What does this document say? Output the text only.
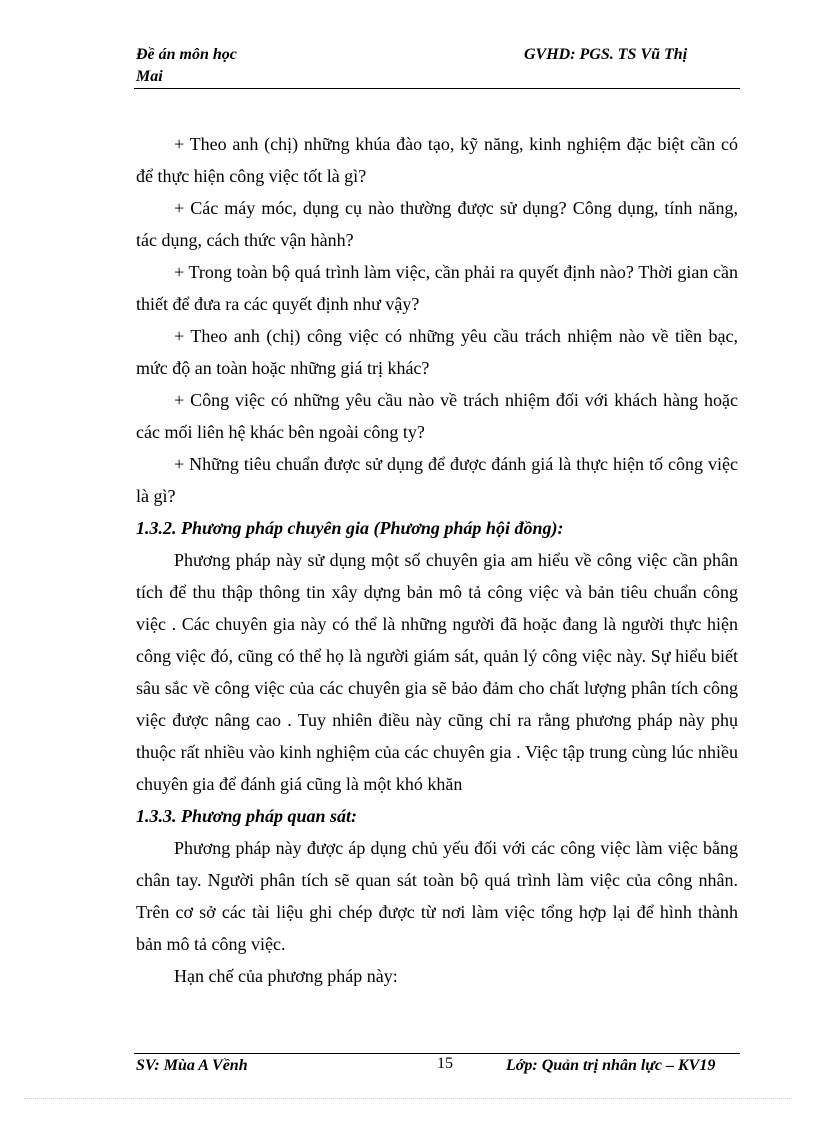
Đề án môn học	GVHD: PGS. TS Vũ Thị
Mai

+ Theo anh (chị) những khúa đào tạo, kỹ năng, kinh nghiệm đặc biệt cần có để thực hiện công việc tốt là gì?

+ Các máy móc, dụng cụ nào thường được sử dụng? Công dụng, tính năng, tác dụng, cách thức vận hành?

+ Trong toàn bộ quá trình làm việc, cần phải ra quyết định nào? Thời gian cần thiết để đưa ra các quyết định như vậy?

+ Theo anh (chị) công việc có những yêu cầu trách nhiệm nào về tiền bạc, mức độ an toàn hoặc những giá trị khác?

+ Công việc có những yêu cầu nào về trách nhiệm đối với khách hàng hoặc các mối liên hệ khác bên ngoài công ty?

+ Những tiêu chuẩn được sử dụng để được đánh giá là thực hiện tố công việc là gì?

1.3.2. Phương pháp chuyên gia (Phương pháp hội đồng):

Phương pháp này sử dụng một số chuyên gia am hiểu về công việc cần phân tích để thu thập thông tin xây dựng bản mô tả công việc và bản tiêu chuẩn công việc . Các chuyên gia này có thể là những người đã hoặc đang là người thực hiện công việc đó, cũng có thể họ là người giám sát, quản lý công việc này. Sự hiểu biết sâu sắc về công việc của các chuyên gia sẽ bảo đảm cho chất lượng phân tích công việc được nâng cao . Tuy nhiên điều này cũng chỉ ra rằng phương pháp này phụ thuộc rất nhiều vào kinh nghiệm của các chuyên gia . Việc tập trung cùng lúc nhiều chuyên gia để đánh giá cũng là một khó khăn

1.3.3. Phương pháp quan sát:

Phương pháp này được áp dụng chủ yếu đối với các công việc làm việc bằng chân tay. Người phân tích sẽ quan sát toàn bộ quá trình làm việc của công nhân. Trên cơ sở các tài liệu ghi chép được từ nơi làm việc tổng hợp lại để hình thành bản mô tả công việc.

Hạn chế của phương pháp này:

SV: Mùa A Vềnh	15	Lớp: Quản trị nhân lực – KV19
